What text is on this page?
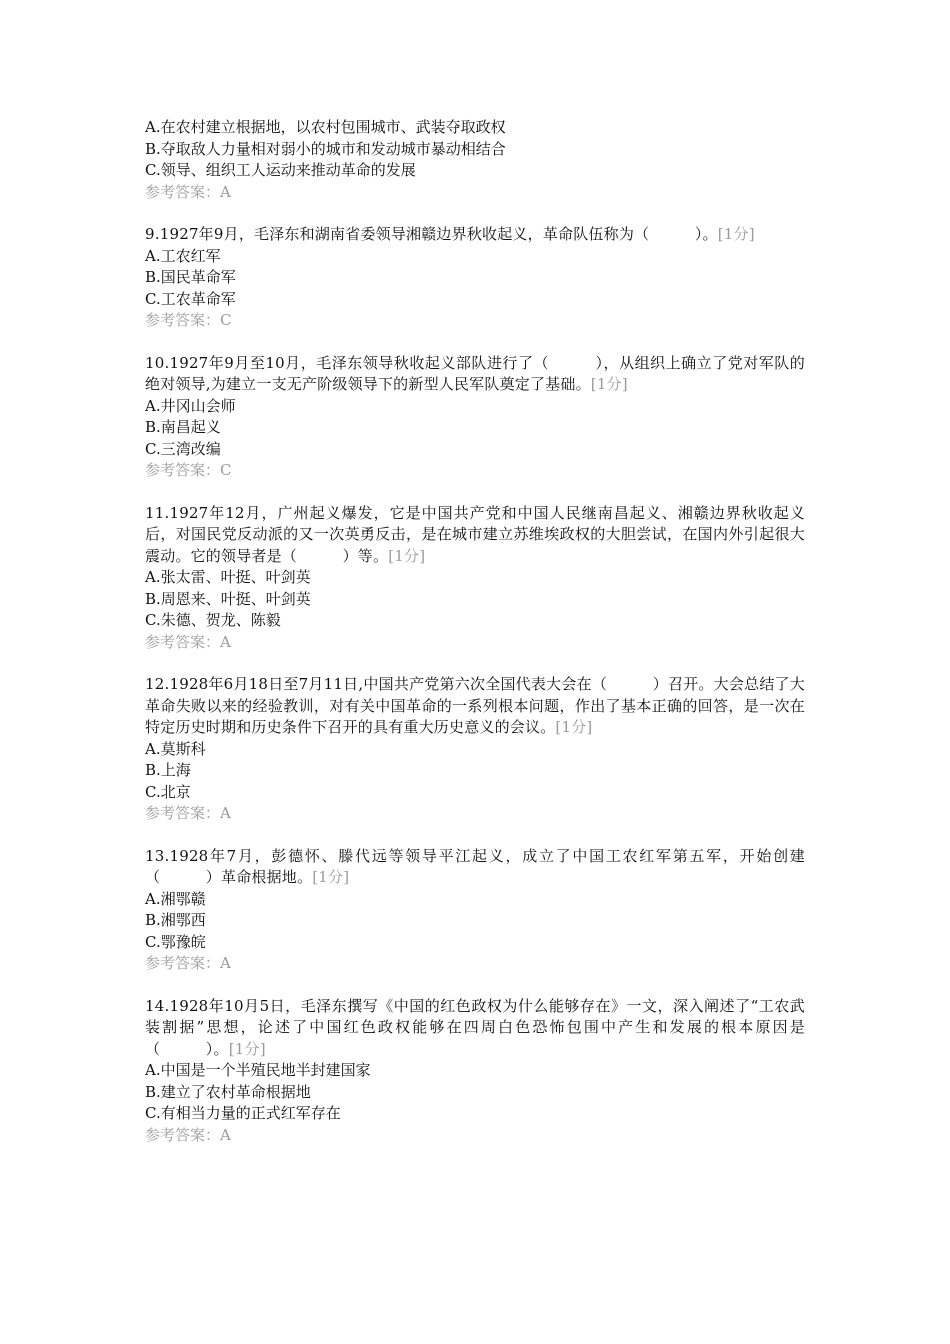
A.在农村建立根据地，以农村包围城市、武装夺取政权

B.夺取敌人力量相对弱小的城市和发动城市暴动相结合

C.领导、组织工人运动来推动革命的发展

参考答案：A

9.1927年9月，毛泽东和湖南省委领导湘赣边界秋收起义，革命队伍称为（　　　）。[1分]

A.工农红军

B.国民革命军

C.工农革命军

参考答案：C

10.1927年9月至10月，毛泽东领导秋收起义部队进行了（　　　），从组织上确立了党对军队的绝对领导,为建立一支无产阶级领导下的新型人民军队奠定了基础。[1分]

A.井冈山会师

B.南昌起义

C.三湾改编

参考答案：C

11.1927年12月，广州起义爆发，它是中国共产党和中国人民继南昌起义、湘赣边界秋收起义后，对国民党反动派的又一次英勇反击，是在城市建立苏维埃政权的大胆尝试，在国内外引起很大震动。它的领导者是（　　　）等。[1分]

A.张太雷、叶挺、叶剑英

B.周恩来、叶挺、叶剑英

C.朱德、贺龙、陈毅

参考答案：A

12.1928年6月18日至7月11日,中国共产党第六次全国代表大会在（　　　）召开。大会总结了大革命失败以来的经验教训，对有关中国革命的一系列根本问题，作出了基本正确的回答，是一次在特定历史时期和历史条件下召开的具有重大历史意义的会议。[1分]

A.莫斯科

B.上海

C.北京

参考答案：A

13.1928年7月，彭德怀、滕代远等领导平江起义，成立了中国工农红军第五军，开始创建（　　　）革命根据地。[1分]

A.湘鄂赣

B.湘鄂西

C.鄂豫皖

参考答案：A

14.1928年10月5日，毛泽东撰写《中国的红色政权为什么能够存在》一文，深入阐述了“工农武装割据”思想，论述了中国红色政权能够在四周白色恐怖包围中产生和发展的根本原因是（　　　）。[1分]

A.中国是一个半殖民地半封建国家

B.建立了农村革命根据地

C.有相当力量的正式红军存在

参考答案：A
